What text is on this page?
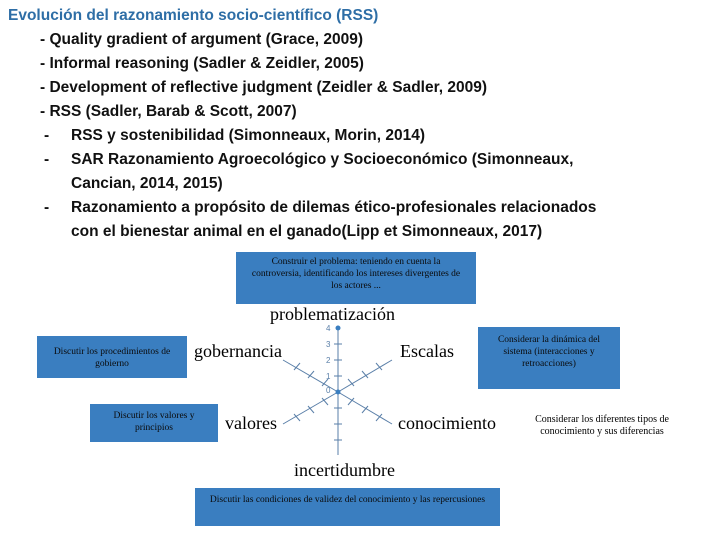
Evolución del razonamiento socio-científico (RSS)
- Quality gradient of argument (Grace, 2009)
- Informal reasoning (Sadler & Zeidler, 2005)
- Development of reflective judgment (Zeidler & Sadler, 2009)
- RSS (Sadler, Barab & Scott, 2007)
- RSS y sostenibilidad (Simonneaux, Morin, 2014)
- SAR Razonamiento Agroecológico y Socioeconómico (Simonneaux,
Cancian, 2014, 2015)
- Razonamiento a propósito de dilemas ético-profesionales relacionados
con el bienestar animal en el ganado(Lipp et Simonneaux, 2017)
4
3
2
1
0
Construir el problema: teniendo en cuenta la controversia, identificando los intereses divergentes de los actores ...
Discutir los procedimientos de gobierno
Discutir los valores y principios
Discutir las condiciones de validez del conocimiento y las repercusiones
Considerar la dinámica del sistema (interacciones y retroacciones)
problematización
gobernancia	Escalas
valores	conocimiento
incertidumbre
Considerar los diferentes tipos de conocimiento y sus diferencias
